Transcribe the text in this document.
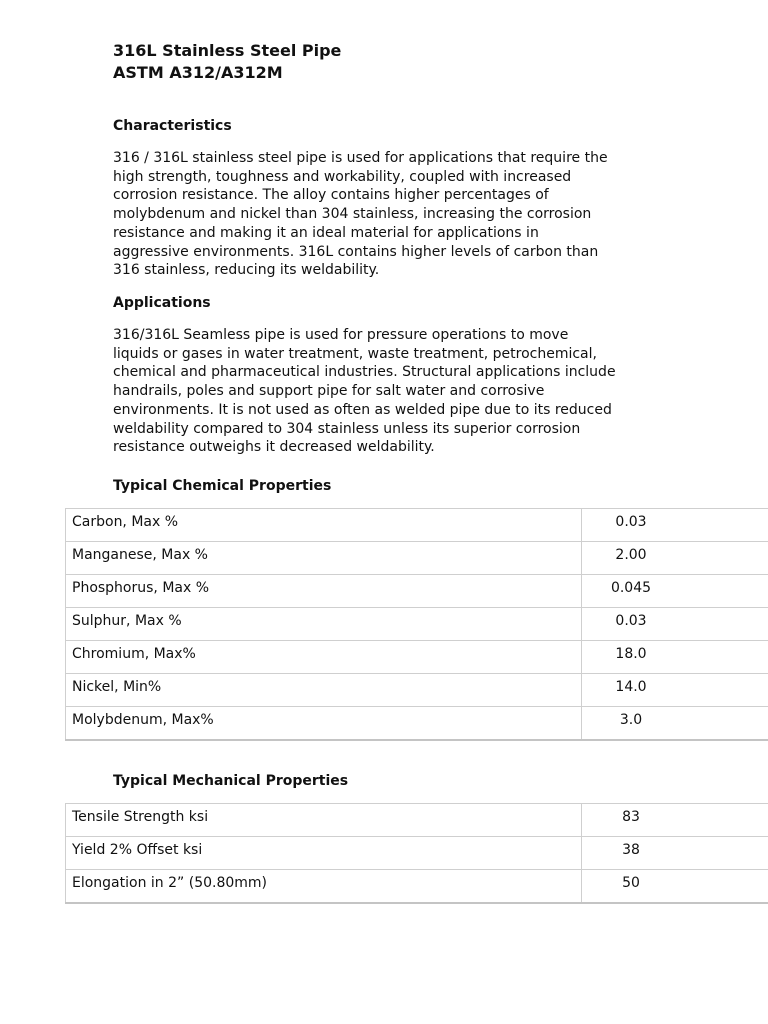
316L Stainless Steel Pipe
ASTM A312/A312M
Characteristics
316 / 316L stainless steel pipe is used for applications that require the
high strength, toughness and workability, coupled with increased
corrosion resistance. The alloy contains higher percentages of
molybdenum and nickel than 304 stainless, increasing the corrosion
resistance and making it an ideal material for applications in
aggressive environments. 316L contains higher levels of carbon than
316 stainless, reducing its weldability.
Applications
316/316L Seamless pipe is used for pressure operations to move
liquids or gases in water treatment, waste treatment, petrochemical,
chemical and pharmaceutical industries. Structural applications include
handrails, poles and support pipe for salt water and corrosive
environments. It is not used as often as welded pipe due to its reduced
weldability compared to 304 stainless unless its superior corrosion
resistance outweighs it decreased weldability.
Typical Chemical Properties
Carbon, Max %	0.03
Manganese, Max %	2.00
Phosphorus, Max %	0.045
Sulphur, Max %	0.03
Chromium, Max%	18.0
Nickel, Min%	14.0
Molybdenum, Max%	3.0
Typical Mechanical Properties
Tensile Strength ksi	83
Yield 2% Offset ksi	38
Elongation in 2” (50.80mm)	50
